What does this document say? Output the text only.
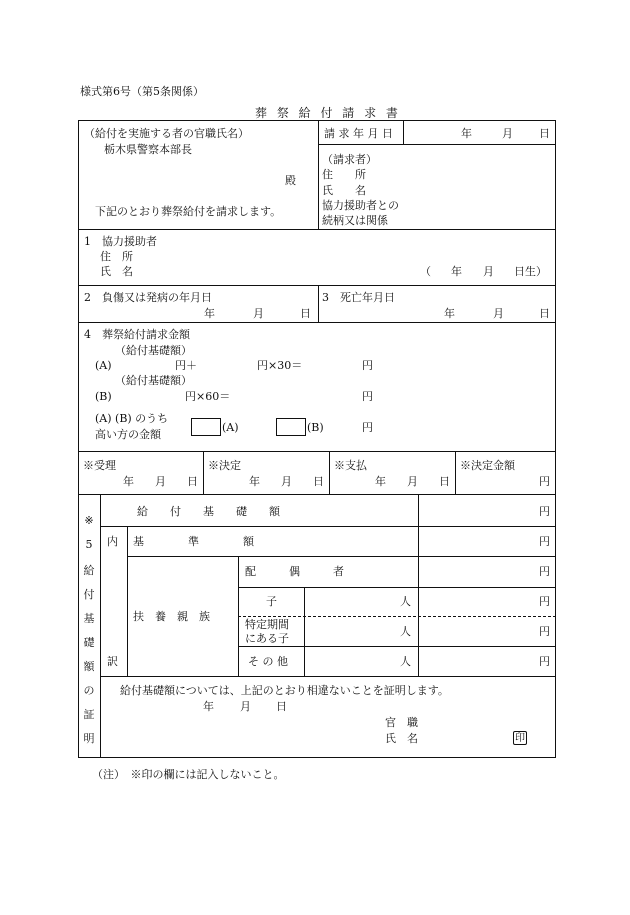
様式第6号（第5条関係）
葬 祭 給 付 請 求 書
（給付を実施する者の官職氏名）
栃木県警察本部長
殿
下記のとおり葬祭給付を請求します。
請 求 年 月 日	年	月 日
（請求者）
住　　所
氏　　名
協力援助者との
続柄又は関係
1　協力援助者
住　所
氏　名	（ 年 月 日生）
2　負傷又は発病の年月日
年	月	日
3　死亡年月日
年	月	日
4　葬祭給付請求金額
（給付基礎額）
(A)	円＋	円×30＝	円
（給付基礎額）
(B)	円×60＝	円
(A) (B) のうち
高い方の金額
(A)	(B)	円
※受理
年 月 日
※決定
年 月 日
※支払
年 月 日
※決定金額
円
※
5
給
付
基
礎
額
の
証
明
給　　付　　基　　礎　　額	円
内
訳
基　　　　準　　　　額	円
扶　養　親　族
配　　　偶　　　者	円
子	人	円
特定期間
にある子
人	円
そ の 他	人	円
給付基礎額については、上記のとおり相違ないことを証明します。
年 月 日
官　職
氏　名	印
（注）　※印の欄には記入しないこと。
